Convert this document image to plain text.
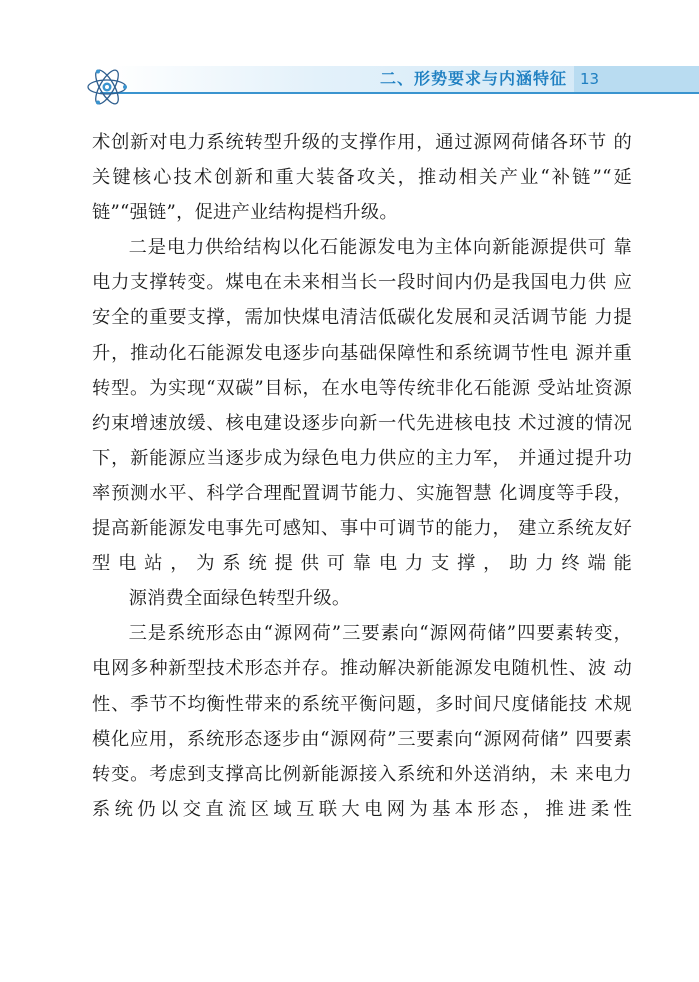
二、形势要求与内涵特征 13

术创新对电力系统转型升级的支撑作用，通过源网荷储各环节 的关键核心技术创新和重大装备攻关，推动相关产业“补链”“延
链”“强链”，促进产业结构提档升级。

二是电力供给结构以化石能源发电为主体向新能源提供可 靠电力支撑转变。煤电在未来相当长一段时间内仍是我国电力供 应安全的重要支撑，需加快煤电清洁低碳化发展和灵活调节能 力提升，推动化石能源发电逐步向基础保障性和系统调节性电 源并重转型。为实现“双碳”目标，在水电等传统非化石能源 受站址资源约束增速放缓、核电建设逐步向新一代先进核电技 术过渡的情况下，新能源应当逐步成为绿色电力供应的主力军， 并通过提升功率预测水平、科学合理配置调节能力、实施智慧 化调度等手段，提高新能源发电事先可感知、事中可调节的能力， 建立系统友好型电站，为系统提供可靠电力支撑，助力终端能
源消费全面绿色转型升级。

三是系统形态由“源网荷”三要素向“源网荷储”四要素转变， 电网多种新型技术形态并存。推动解决新能源发电随机性、波 动性、季节不均衡性带来的系统平衡问题，多时间尺度储能技 术规模化应用，系统形态逐步由“源网荷”三要素向“源网荷储” 四要素转变。考虑到支撑高比例新能源接入系统和外送消纳，未 来电力系统仍以交直流区域互联大电网为基本形态，推进柔性
